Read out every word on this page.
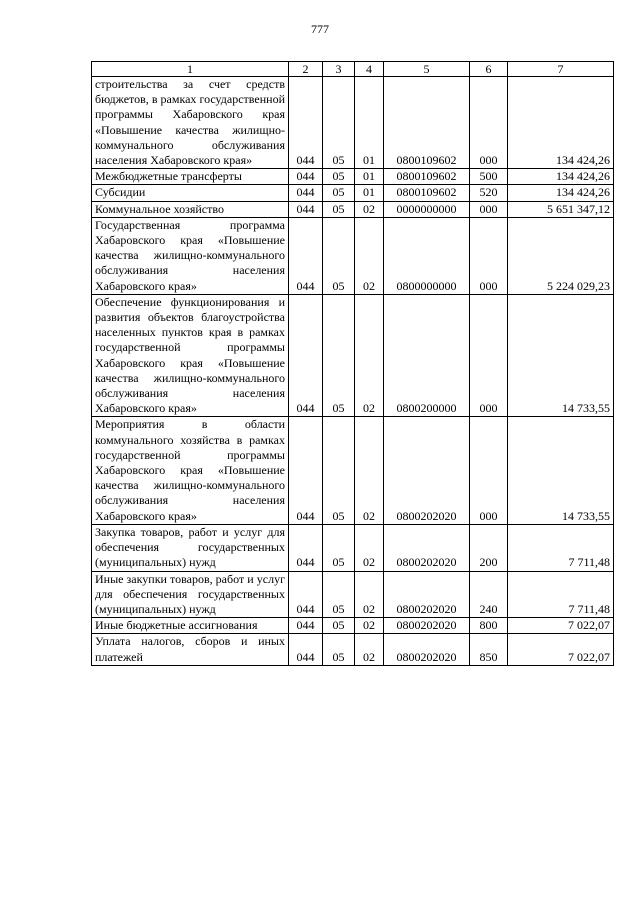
777
1	2	3	4	5	6	7

строительства за счет средств бюджетов, в рамках государственной программы Хабаровского края «Повышение качества жилищно-коммунального обслуживания населения Хабаровского края»	044	05	01	0800109602	000	134 424,26

Межбюджетные трансферты	044	05	01	0800109602	500	134 424,26

Субсидии	044	05	01	0800109602	520	134 424,26

Коммунальное хозяйство	044	05	02	0000000000	000	5 651 347,12

Государственная программа Хабаровского края «Повышение качества жилищно-коммунального обслуживания населения Хабаровского края»	044	05	02	0800000000	000	5 224 029,23

Обеспечение функционирования и развития объектов благоустройства населенных пунктов края в рамках государственной программы Хабаровского края «Повышение качества жилищно-коммунального обслуживания населения Хабаровского края»	044	05	02	0800200000	000	14 733,55

Мероприятия в области коммунального хозяйства в рамках государственной программы Хабаровского края «Повышение качества жилищно-коммунального обслуживания населения Хабаровского края»	044	05	02	0800202020	000	14 733,55

Закупка товаров, работ и услуг для обеспечения государственных (муниципальных) нужд	044	05	02	0800202020	200	7 711,48

Иные закупки товаров, работ и услуг для обеспечения государственных (муниципальных) нужд	044	05	02	0800202020	240	7 711,48

Иные бюджетные ассигнования	044	05	02	0800202020	800	7 022,07

Уплата налогов, сборов и иных платежей	044	05	02	0800202020	850	7 022,07
